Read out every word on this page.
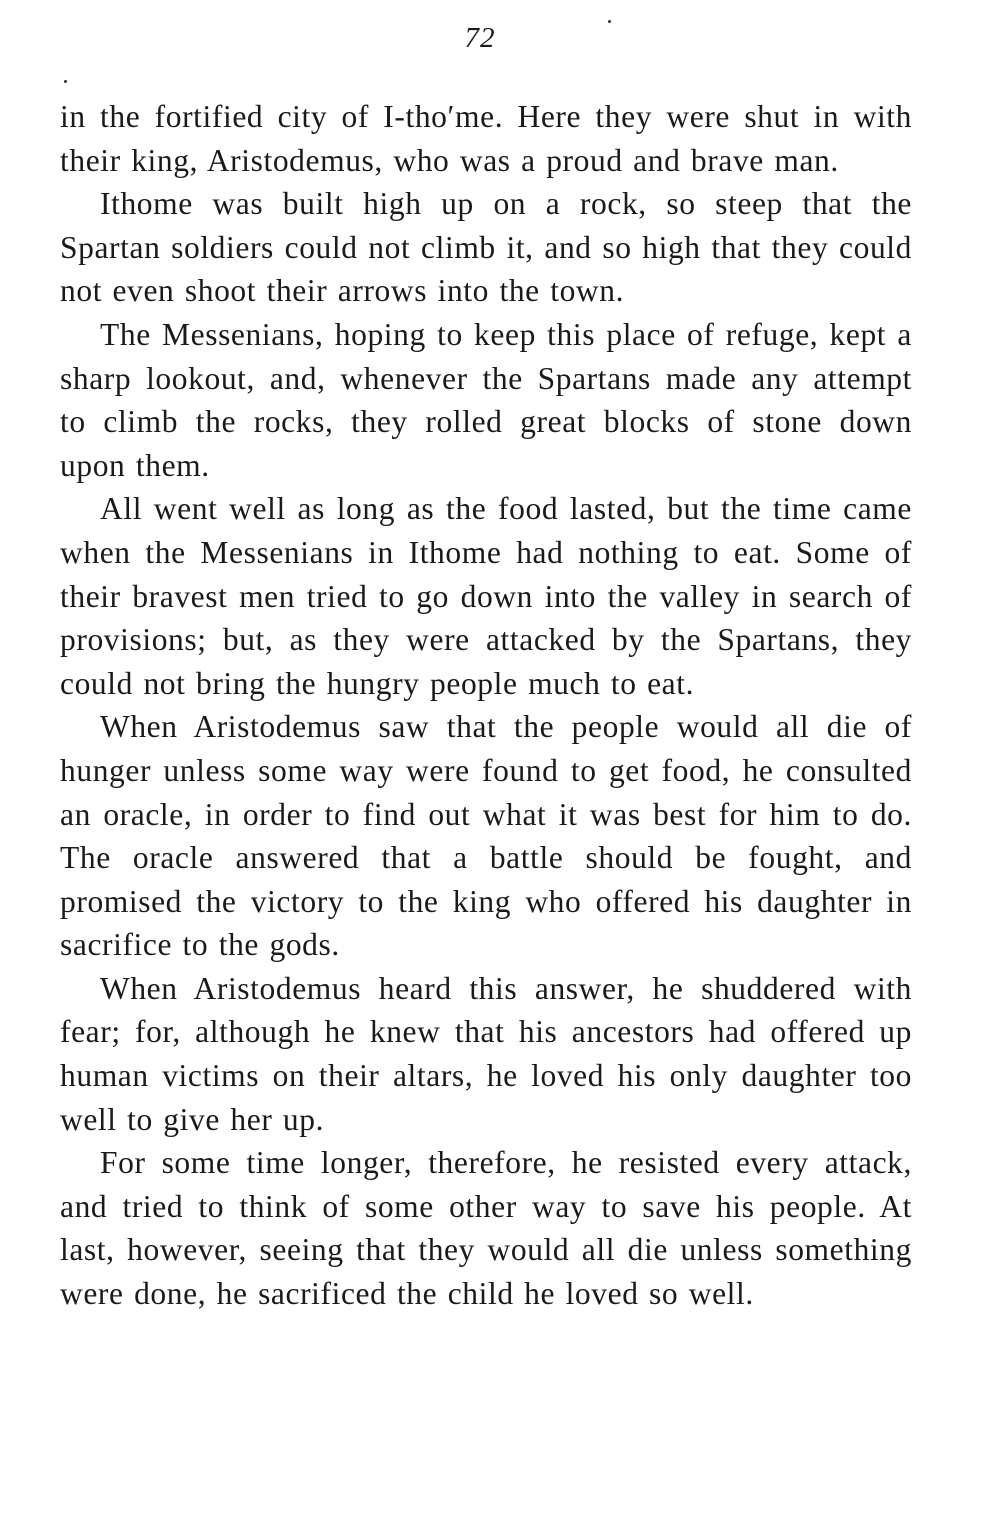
72

in the fortified city of I-tho′me. Here they were shut in with their king, Aristodemus, who was a proud and brave man.

Ithome was built high up on a rock, so steep that the Spartan soldiers could not climb it, and so high that they could not even shoot their arrows into the town.

The Messenians, hoping to keep this place of refuge, kept a sharp lookout, and, whenever the Spartans made any attempt to climb the rocks, they rolled great blocks of stone down upon them.

All went well as long as the food lasted, but the time came when the Messenians in Ithome had nothing to eat. Some of their bravest men tried to go down into the valley in search of provisions; but, as they were attacked by the Spartans, they could not bring the hungry people much to eat.

When Aristodemus saw that the people would all die of hunger unless some way were found to get food, he consulted an oracle, in order to find out what it was best for him to do. The oracle answered that a battle should be fought, and promised the victory to the king who offered his daughter in sacrifice to the gods.

When Aristodemus heard this answer, he shuddered with fear; for, although he knew that his ancestors had offered up human victims on their altars, he loved his only daughter too well to give her up.

For some time longer, therefore, he resisted every attack, and tried to think of some other way to save his people. At last, however, seeing that they would all die unless something were done, he sacrificed the child he loved so well.
